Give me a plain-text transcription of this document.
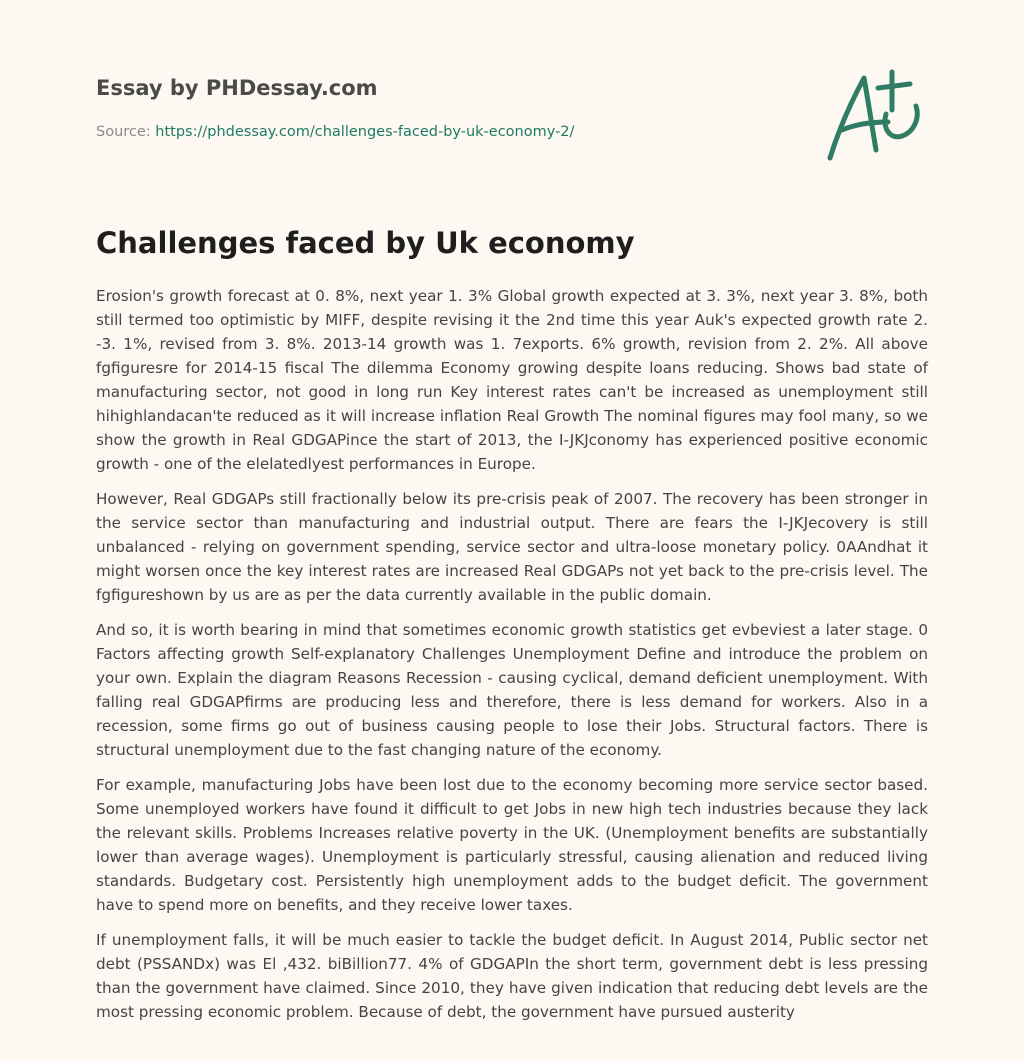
Essay by PHDessay.com
Source: https://phdessay.com/challenges-faced-by-uk-economy-2/
Challenges faced by Uk economy

Erosion's growth forecast at 0. 8%, next year 1. 3% Global growth expected at 3. 3%, next year 3. 8%, both still termed too optimistic by MIFF, despite revising it the 2nd time this year Auk's expected growth rate 2. -3. 1%, revised from 3. 8%. 2013-14 growth was 1. 7exports. 6% growth, revision from 2. 2%. All above fgfiguresre for 2014-15 fiscal The dilemma Economy growing despite loans reducing. Shows bad state of manufacturing sector, not good in long run Key interest rates can't be increased as unemployment still hihighlandacan'te reduced as it will increase inflation Real Growth The nominal figures may fool many, so we show the growth in Real GDGAPince the start of 2013, the I-JKJconomy has experienced positive economic growth - one of the elelatedlyest performances in Europe.

However, Real GDGAPs still fractionally below its pre-crisis peak of 2007. The recovery has been stronger in the service sector than manufacturing and industrial output. There are fears the I-JKJecovery is still unbalanced - relying on government spending, service sector and ultra-loose monetary policy. 0AAndhat it might worsen once the key interest rates are increased Real GDGAPs not yet back to the pre-crisis level. The fgfigureshown by us are as per the data currently available in the public domain.

And so, it is worth bearing in mind that sometimes economic growth statistics get evbeviest a later stage. 0 Factors affecting growth Self-explanatory Challenges Unemployment Define and introduce the problem on your own. Explain the diagram Reasons Recession - causing cyclical, demand deficient unemployment. With falling real GDGAPfirms are producing less and therefore, there is less demand for workers. Also in a recession, some firms go out of business causing people to lose their Jobs. Structural factors. There is structural unemployment due to the fast changing nature of the economy.

For example, manufacturing Jobs have been lost due to the economy becoming more service sector based. Some unemployed workers have found it difficult to get Jobs in new high tech industries because they lack the relevant skills. Problems Increases relative poverty in the UK. (Unemployment benefits are substantially lower than average wages). Unemployment is particularly stressful, causing alienation and reduced living standards. Budgetary cost. Persistently high unemployment adds to the budget deficit. The government have to spend more on benefits, and they receive lower taxes.

If unemployment falls, it will be much easier to tackle the budget deficit. In August 2014, Public sector net debt (PSSANDx) was El ,432. biBillion77. 4% of GDGAPIn the short term, government debt is less pressing than the government have claimed. Since 2010, they have given indication that reducing debt levels are the most pressing economic problem. Because of debt, the government have pursued austerity
